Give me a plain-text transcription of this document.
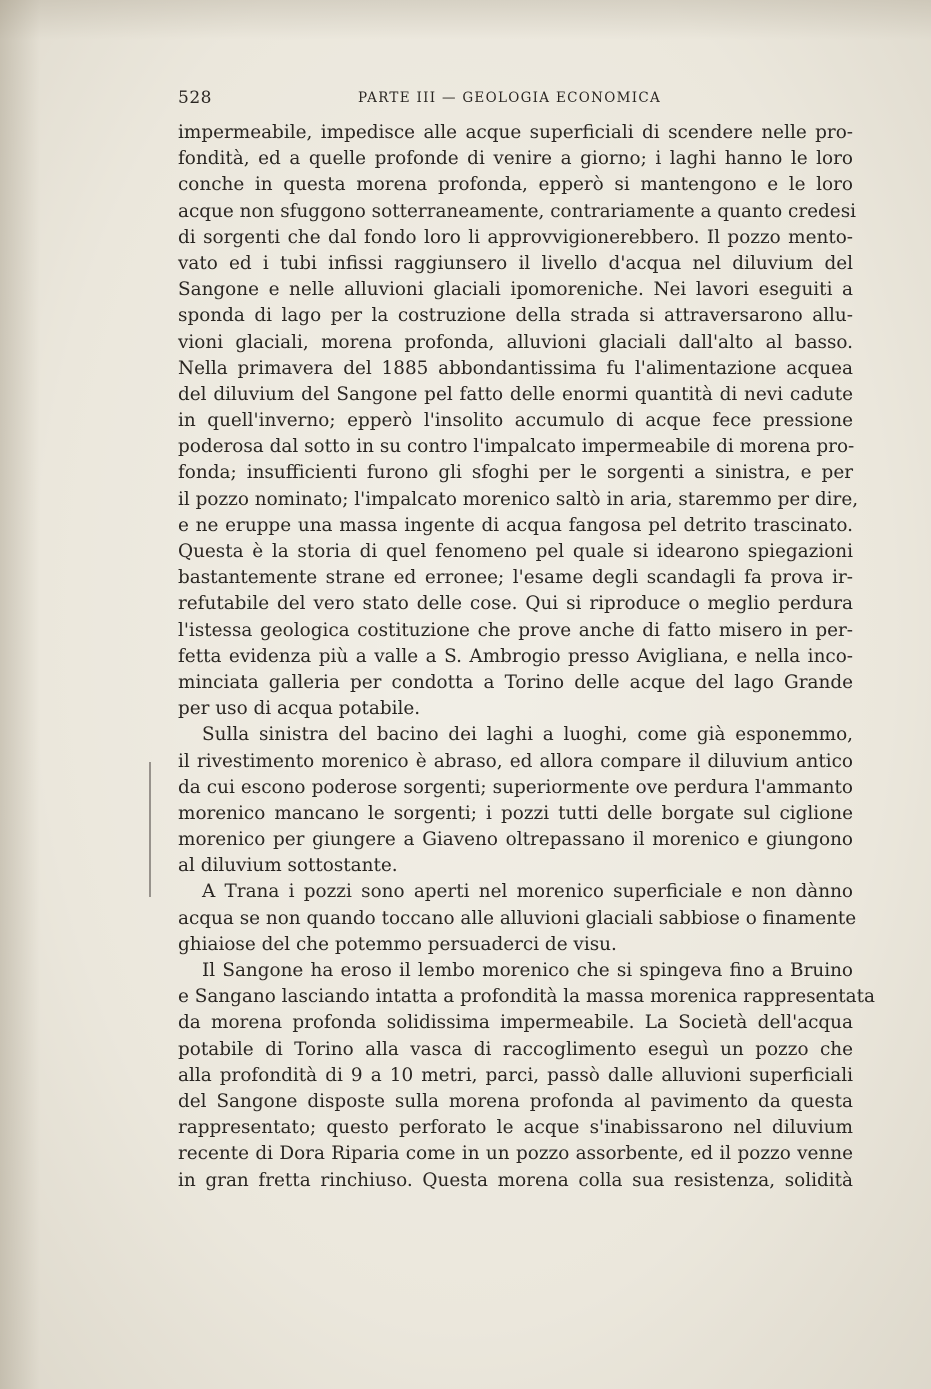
528	PARTE III — GEOLOGIA ECONOMICA
impermeabile, impedisce alle acque superficiali di scendere nelle pro-
fondità, ed a quelle profonde di venire a giorno; i laghi hanno le loro
conche in questa morena profonda, epperò si mantengono e le loro
acque non sfuggono sotterraneamente, contrariamente a quanto credesi
di sorgenti che dal fondo loro li approvvigionerebbero. Il pozzo mento-
vato ed i tubi infissi raggiunsero il livello d'acqua nel diluvium del
Sangone e nelle alluvioni glaciali ipomoreniche. Nei lavori eseguiti a
sponda di lago per la costruzione della strada si attraversarono allu-
vioni glaciali, morena profonda, alluvioni glaciali dall'alto al basso.
Nella primavera del 1885 abbondantissima fu l'alimentazione acquea
del diluvium del Sangone pel fatto delle enormi quantità di nevi cadute
in quell'inverno; epperò l'insolito accumulo di acque fece pressione
poderosa dal sotto in su contro l'impalcato impermeabile di morena pro-
fonda; insufficienti furono gli sfoghi per le sorgenti a sinistra, e per
il pozzo nominato; l'impalcato morenico saltò in aria, staremmo per dire,
e ne eruppe una massa ingente di acqua fangosa pel detrito trascinato.
Questa è la storia di quel fenomeno pel quale si idearono spiegazioni
bastantemente strane ed erronee; l'esame degli scandagli fa prova ir-
refutabile del vero stato delle cose. Qui si riproduce o meglio perdura
l'istessa geologica costituzione che prove anche di fatto misero in per-
fetta evidenza più a valle a S. Ambrogio presso Avigliana, e nella inco-
minciata galleria per condotta a Torino delle acque del lago Grande
per uso di acqua potabile.
Sulla sinistra del bacino dei laghi a luoghi, come già esponemmo,
il rivestimento morenico è abraso, ed allora compare il diluvium antico
da cui escono poderose sorgenti; superiormente ove perdura l'ammanto
morenico mancano le sorgenti; i pozzi tutti delle borgate sul ciglione
morenico per giungere a Giaveno oltrepassano il morenico e giungono
al diluvium sottostante.
A Trana i pozzi sono aperti nel morenico superficiale e non dànno
acqua se non quando toccano alle alluvioni glaciali sabbiose o finamente
ghiaiose del che potemmo persuaderci de visu.
Il Sangone ha eroso il lembo morenico che si spingeva fino a Bruino
e Sangano lasciando intatta a profondità la massa morenica rappresentata
da morena profonda solidissima impermeabile. La Società dell'acqua
potabile di Torino alla vasca di raccoglimento eseguì un pozzo che
alla profondità di 9 a 10 metri, parci, passò dalle alluvioni superficiali
del Sangone disposte sulla morena profonda al pavimento da questa
rappresentato; questo perforato le acque s'inabissarono nel diluvium
recente di Dora Riparia come in un pozzo assorbente, ed il pozzo venne
in gran fretta rinchiuso. Questa morena colla sua resistenza, solidità
